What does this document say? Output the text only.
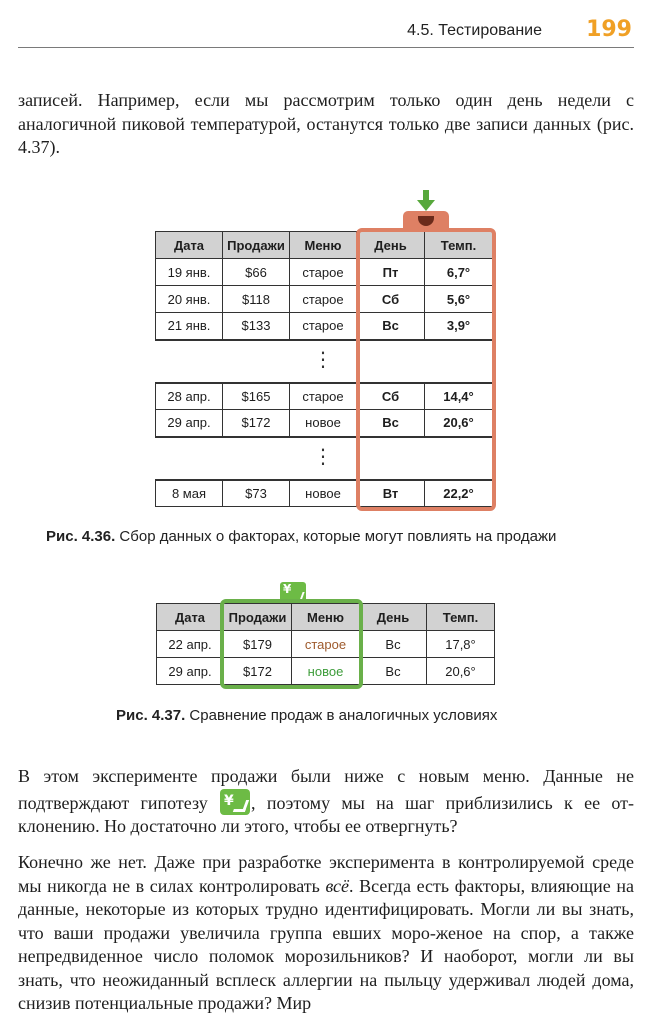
4.5. Тестирование 199

записей. Например, если мы рассмотрим только один день недели с аналогичной пиковой температурой, останутся только две записи данных (рис. 4.37).

Дата	Продажи	Меню	День	Темп.
19 янв.	$66	старое	Пт	6,7°
20 янв.	$118	старое	Сб	5,6°
21 янв.	$133	старое	Вс	3,9°
		⋮		
28 апр.	$165	старое	Сб	14,4°
29 апр.	$172	новое	Вс	20,6°
		⋮		
8 мая	$73	новое	Вт	22,2°
Рис. 4.36. Сбор данных о факторах, которые могут повлиять на продажи
¥
Дата	Продажи	Меню	День	Темп.
22 апр.	$179	старое	Вс	17,8°
29 апр.	$172	новое	Вс	20,6°
Рис. 4.37. Сравнение продаж в аналогичных условиях

В этом эксперименте продажи были ниже с новым меню. Данные не подтверждают гипотезу ¥ , поэтому мы на шаг приблизились к ее от-клонению. Но достаточно ли этого, чтобы ее отвергнуть?

Конечно же нет. Даже при разработке эксперимента в контролируемой среде мы никогда не в силах контролировать всё. Всегда есть факторы, влияющие на данные, некоторые из которых трудно идентифицировать. Могли ли вы знать, что ваши продажи увеличила группа евших моро-женое на спор, а также непредвиденное число поломок морозильников? И наоборот, могли ли вы знать, что неожиданный всплеск аллергии на пыльцу удерживал людей дома, снизив потенциальные продажи? Мир
